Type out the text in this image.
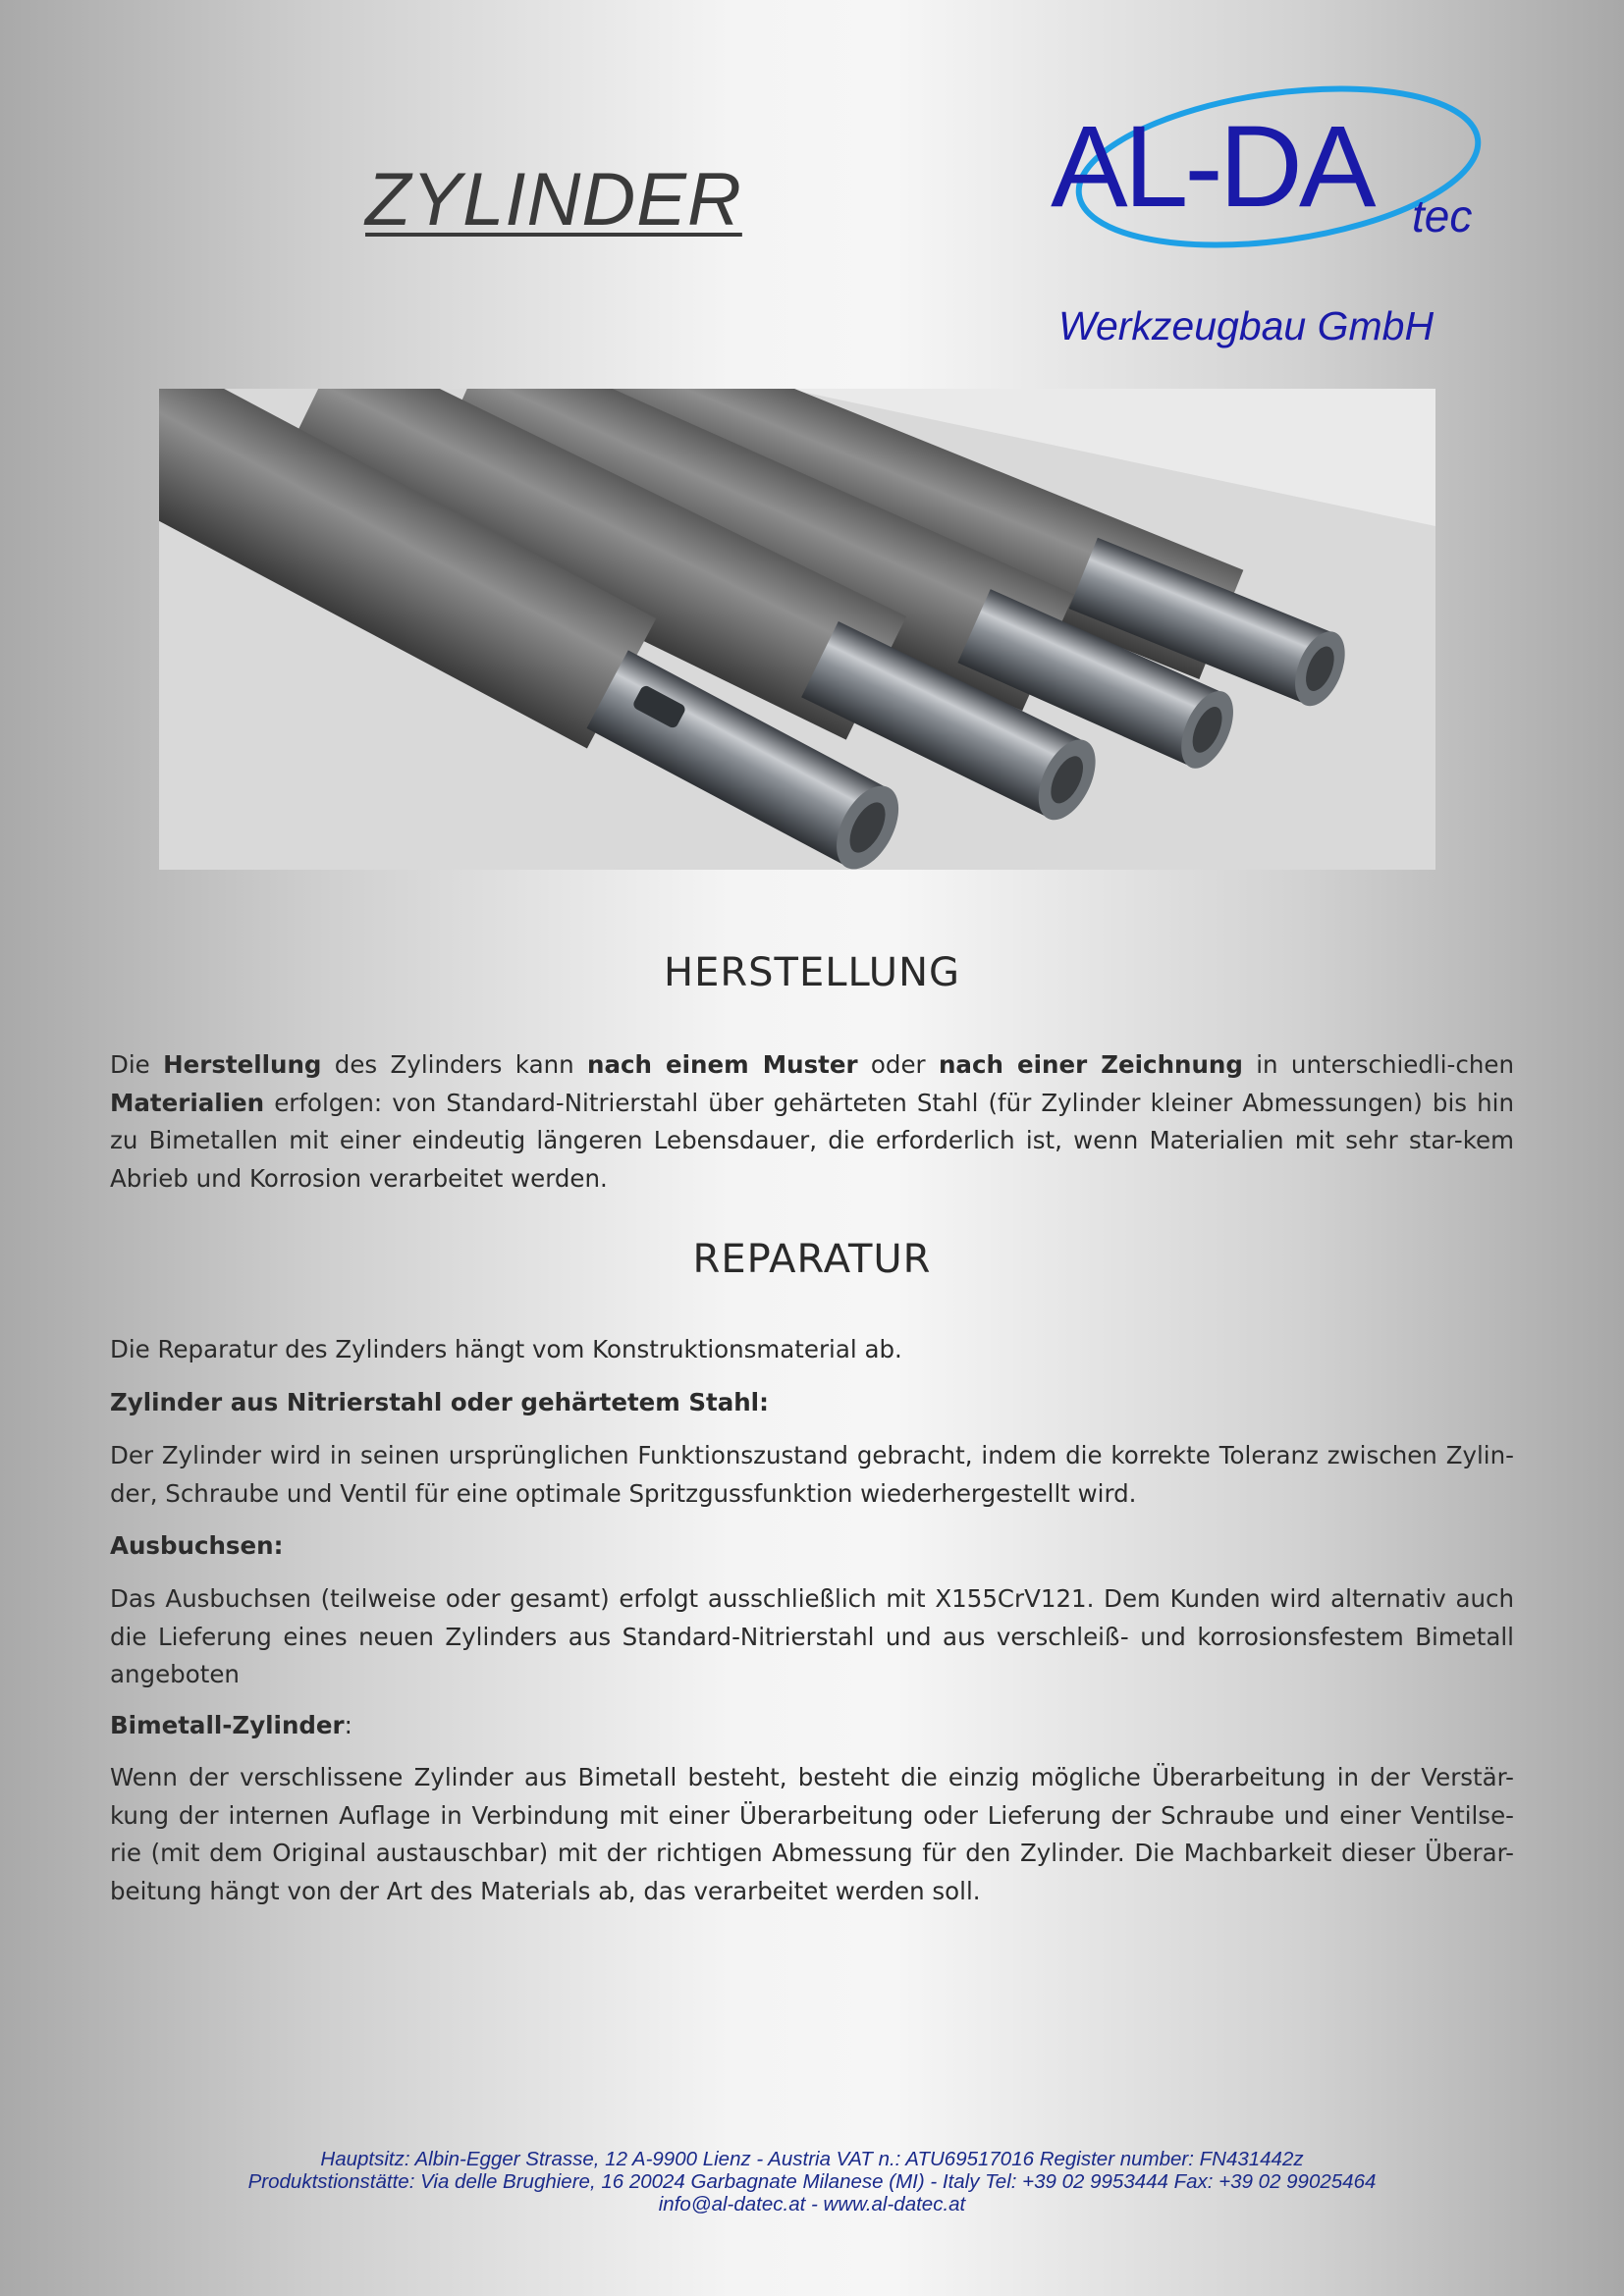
ZYLINDER	AL-DA tec
Werkzeugbau GmbH
HERSTELLUNG

Die Herstellung des Zylinders kann nach einem Muster oder nach einer Zeichnung in unterschiedli-chen Materialien erfolgen: von Standard-Nitrierstahl über gehärteten Stahl (für Zylinder kleiner Abmessungen) bis hin zu Bimetallen mit einer eindeutig längeren Lebensdauer, die erforderlich ist, wenn Materialien mit sehr star-kem Abrieb und Korrosion verarbeitet werden.

REPARATUR

Die Reparatur des Zylinders hängt vom Konstruktionsmaterial ab.

Zylinder aus Nitrierstahl oder gehärtetem Stahl:

Der Zylinder wird in seinen ursprünglichen Funktionszustand gebracht, indem die korrekte Toleranz zwischen Zylin-der, Schraube und Ventil für eine optimale Spritzgussfunktion wiederhergestellt wird.

Ausbuchsen:

Das Ausbuchsen (teilweise oder gesamt) erfolgt ausschließlich mit X155CrV121. Dem Kunden wird alternativ auch die Lieferung eines neuen Zylinders aus Standard-Nitrierstahl und aus verschleiß- und korrosionsfestem Bimetall angeboten

Bimetall-Zylinder:

Wenn der verschlissene Zylinder aus Bimetall besteht, besteht die einzig mögliche Überarbeitung in der Verstär-kung der internen Auflage in Verbindung mit einer Überarbeitung oder Lieferung der Schraube und einer Ventilse-rie (mit dem Original austauschbar) mit der richtigen Abmessung für den Zylinder. Die Machbarkeit dieser Überar-beitung hängt von der Art des Materials ab, das verarbeitet werden soll.

Hauptsitz: Albin-Egger Strasse, 12 A-9900 Lienz - Austria VAT n.: ATU69517016 Register number: FN431442z
Produktstionstätte: Via delle Brughiere, 16 20024 Garbagnate Milanese (MI) - Italy Tel: +39 02 9953444 Fax: +39 02 99025464
info@al-datec.at - www.al-datec.at
